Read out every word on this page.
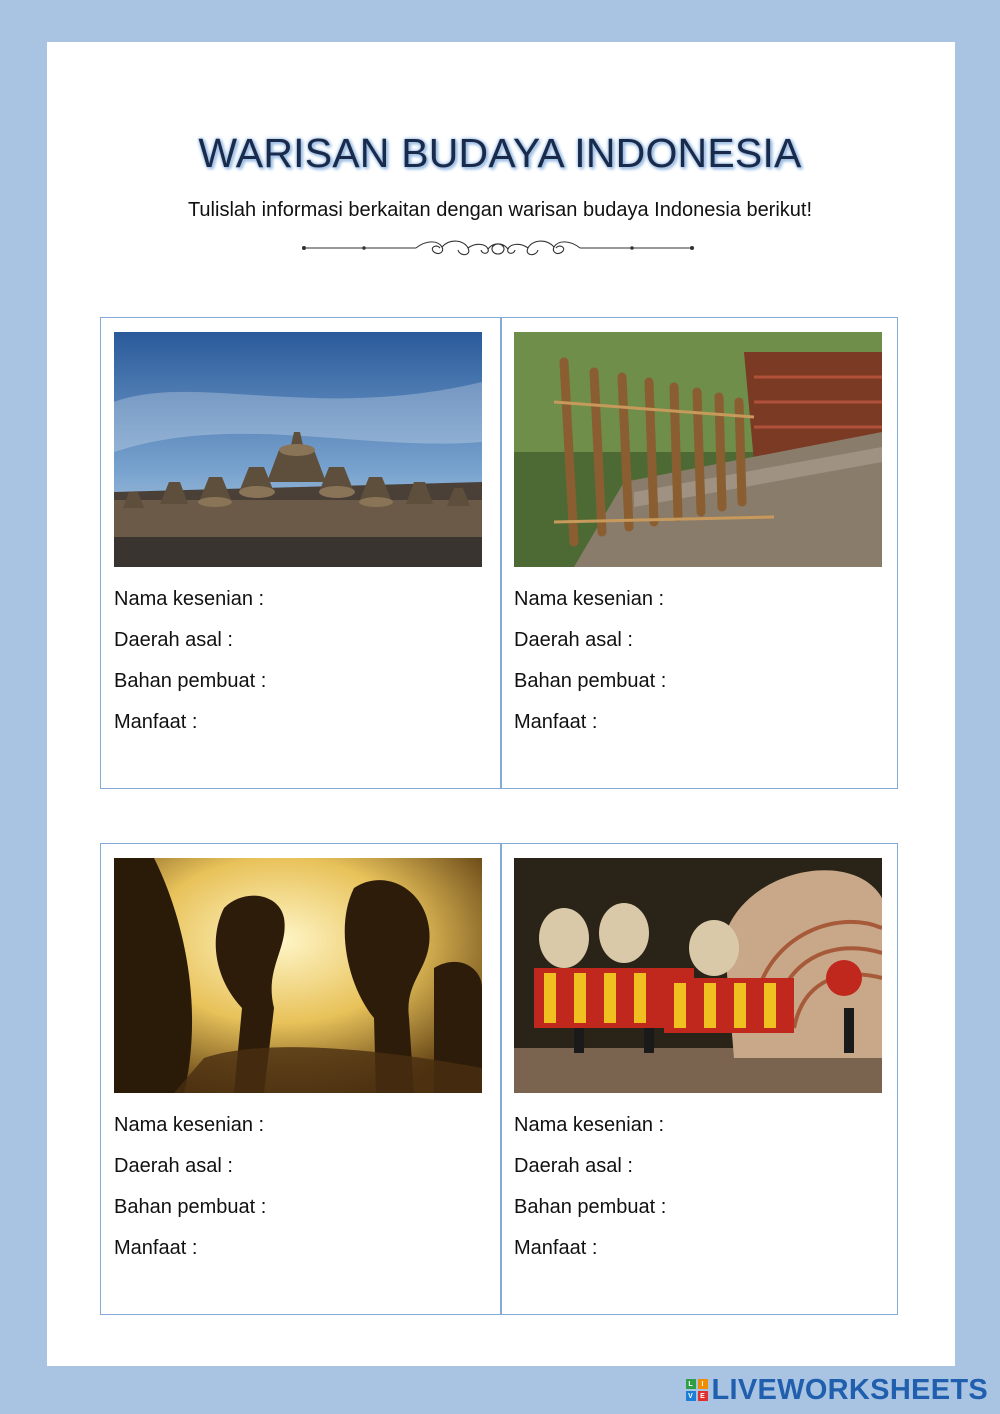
WARISAN BUDAYA INDONESIA
Tulislah informasi berkaitan dengan warisan budaya Indonesia berikut!
Nama kesenian :
Daerah asal :
Bahan pembuat :
Manfaat :
Nama kesenian :
Daerah asal :
Bahan pembuat :
Manfaat :
Nama kesenian :
Daerah asal :
Bahan pembuat :
Manfaat :
Nama kesenian :
Daerah asal :
Bahan pembuat :
Manfaat :
L	I
V	E LIVEWORKSHEETS
